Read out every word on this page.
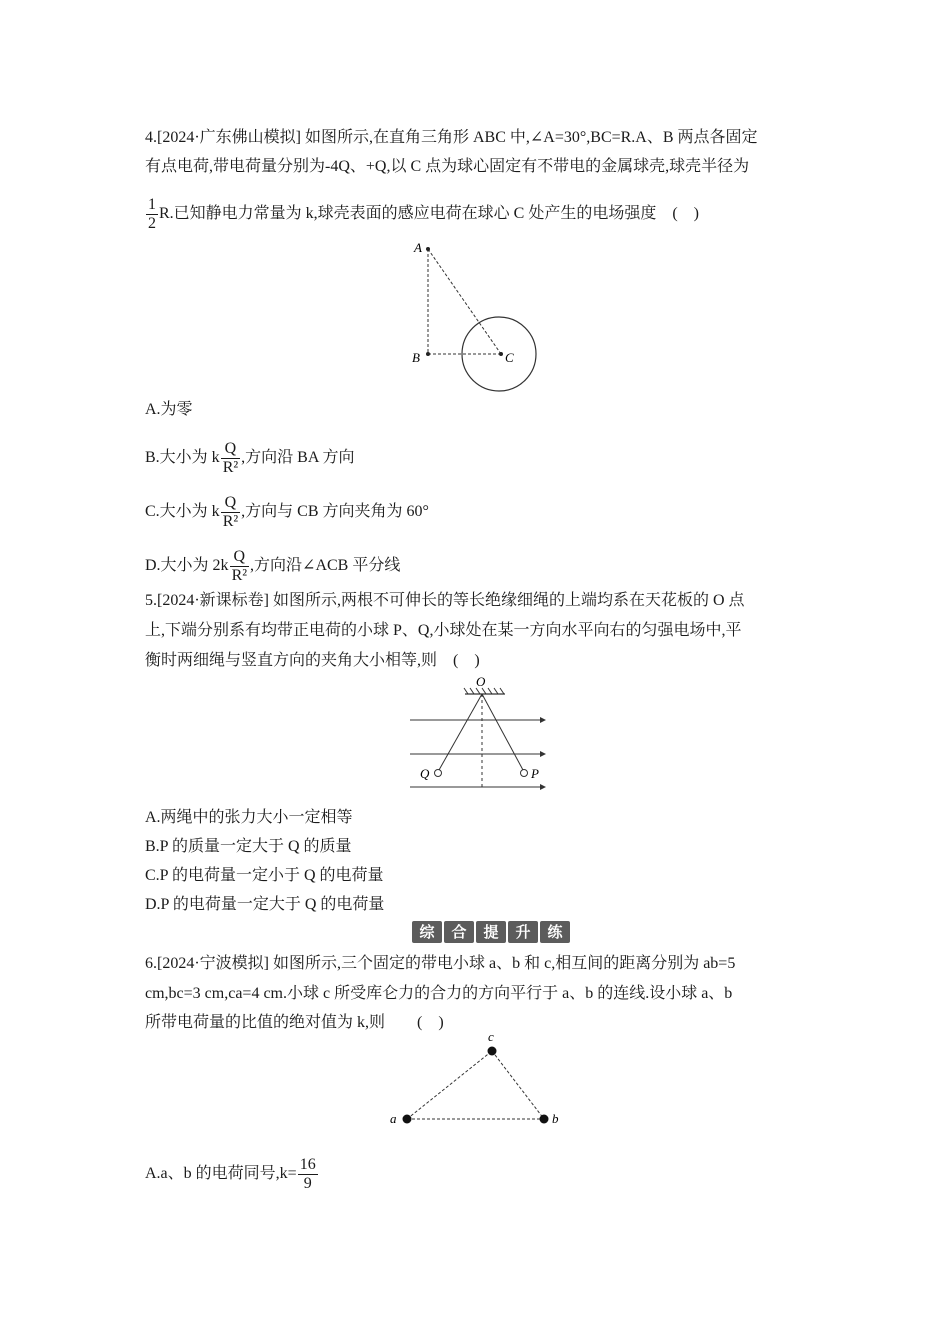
4.[2024·广东佛山模拟] 如图所示,在直角三角形 ABC 中,∠A=30°,BC=R.A、B 两点各固定
有点电荷,带电荷量分别为-4Q、+Q,以 C 点为球心固定有不带电的金属球壳,球壳半径为
$\frac{1}{2} R$.已知静电力常量为 k,球壳表面的感应电荷在球心 C 处产生的电场强度　(　)
A
B	C
A.为零
B.大小为 k $\frac{Q}{\text{R²}}$ ,方向沿 BA 方向
C.大小为 k $\frac{Q}{\text{R²}}$ ,方向与 CB 方向夹角为 60°
D.大小为 $2k \frac{Q}{\text{R²}}$ ,方向沿∠ACB 平分线
5.[2024·新课标卷] 如图所示,两根不可伸长的等长绝缘细绳的上端均系在天花板的 O 点
上,下端分别系有均带正电荷的小球 P、Q,小球处在某一方向水平向右的匀强电场中,平
衡时两细绳与竖直方向的夹角大小相等,则　(　)
O
Q	P
A.两绳中的张力大小一定相等
B.P 的质量一定大于 Q 的质量
C.P 的电荷量一定小于 Q 的电荷量
D.P 的电荷量一定大于 Q 的电荷量
综	合	提	升	练
6.[2024·宁波模拟] 如图所示,三个固定的带电小球 a、b 和 c,相互间的距离分别为 ab=5
cm,bc=3 cm,ca=4 cm.小球 c 所受库仑力的合力的方向平行于 a、b 的连线.设小球 a、b
所带电荷量的比值的绝对值为 k,则　　(　)
a
c
b
A.a、b 的电荷同号$,k= \frac{16}{9}$
